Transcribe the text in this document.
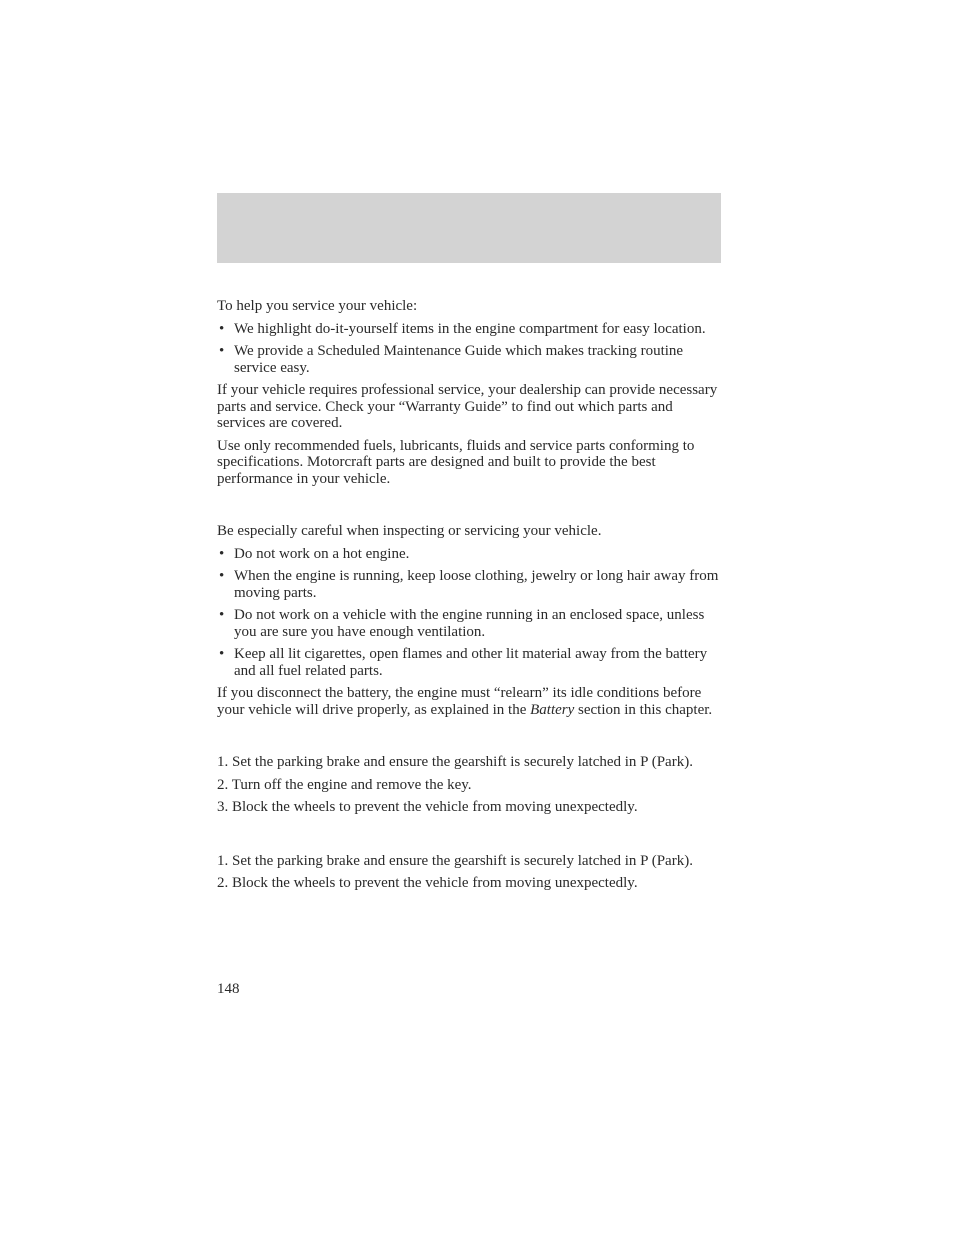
To help you service your vehicle:

• We highlight do-it-yourself items in the engine compartment for easy location.
• We provide a Scheduled Maintenance Guide which makes tracking routine service easy.

If your vehicle requires professional service, your dealership can provide necessary parts and service. Check your “Warranty Guide” to find out which parts and services are covered.

Use only recommended fuels, lubricants, fluids and service parts conforming to specifications. Motorcraft parts are designed and built to provide the best performance in your vehicle.

Be especially careful when inspecting or servicing your vehicle.

• Do not work on a hot engine.
• When the engine is running, keep loose clothing, jewelry or long hair away from moving parts.
• Do not work on a vehicle with the engine running in an enclosed space, unless you are sure you have enough ventilation.
• Keep all lit cigarettes, open flames and other lit material away from the battery and all fuel related parts.

If you disconnect the battery, the engine must “relearn” its idle conditions before your vehicle will drive properly, as explained in the Battery section in this chapter.

1. Set the parking brake and ensure the gearshift is securely latched in P (Park).

2. Turn off the engine and remove the key.

3. Block the wheels to prevent the vehicle from moving unexpectedly.

1. Set the parking brake and ensure the gearshift is securely latched in P (Park).

2. Block the wheels to prevent the vehicle from moving unexpectedly.

148
